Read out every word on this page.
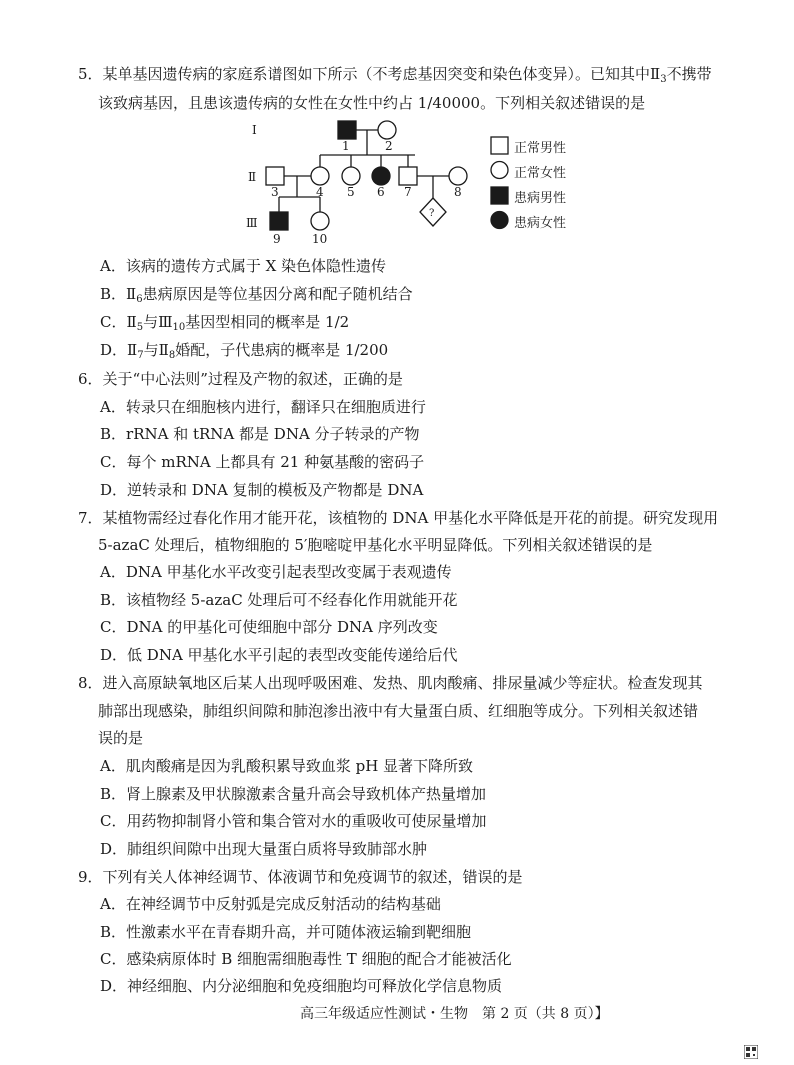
5．某单基因遗传病的家庭系谱图如下所示（不考虑基因突变和染色体变异）。已知其中$Ⅱ_3$不携带
该致病基因，且患该遗传病的女性在女性中约占 1/40000。下列相关叙述错误的是
Ⅰ
Ⅱ
Ⅲ
1	2
3	4 5 6 7	8
9	10
?
正常男性
正常女性
患病男性
患病女性
A．该病的遗传方式属于 X 染色体隐性遗传
B．$Ⅱ_6$患病原因是等位基因分离和配子随机结合
C．$Ⅱ_5$与$Ⅲ_{10}$基因型相同的概率是 1/2
D．$Ⅱ_7$与$Ⅱ_8$婚配，子代患病的概率是 1/200
6．关于“中心法则”过程及产物的叙述，正确的是
A．转录只在细胞核内进行，翻译只在细胞质进行
B．rRNA 和 tRNA 都是 DNA 分子转录的产物
C．每个 mRNA 上都具有 21 种氨基酸的密码子
D．逆转录和 DNA 复制的模板及产物都是 DNA
7．某植物需经过春化作用才能开花，该植物的 DNA 甲基化水平降低是开花的前提。研究发现用
5-azaC 处理后，植物细胞的 5′胞嘧啶甲基化水平明显降低。下列相关叙述错误的是
A．DNA 甲基化水平改变引起表型改变属于表观遗传
B．该植物经 5-azaC 处理后可不经春化作用就能开花
C．DNA 的甲基化可使细胞中部分 DNA 序列改变
D．低 DNA 甲基化水平引起的表型改变能传递给后代
8．进入高原缺氧地区后某人出现呼吸困难、发热、肌肉酸痛、排尿量减少等症状。检查发现其
肺部出现感染，肺组织间隙和肺泡渗出液中有大量蛋白质、红细胞等成分。下列相关叙述错
误的是
A．肌肉酸痛是因为乳酸积累导致血浆 pH 显著下降所致
B．肾上腺素及甲状腺激素含量升高会导致机体产热量增加
C．用药物抑制肾小管和集合管对水的重吸收可使尿量增加
D．肺组织间隙中出现大量蛋白质将导致肺部水肿
9．下列有关人体神经调节、体液调节和免疫调节的叙述，错误的是
A．在神经调节中反射弧是完成反射活动的结构基础
B．性激素水平在青春期升高，并可随体液运输到靶细胞
C．感染病原体时 B 细胞需细胞毒性 T 细胞的配合才能被活化
D．神经细胞、内分泌细胞和免疫细胞均可释放化学信息物质
高三年级适应性测试・生物　第 2 页（共 8 页）】
